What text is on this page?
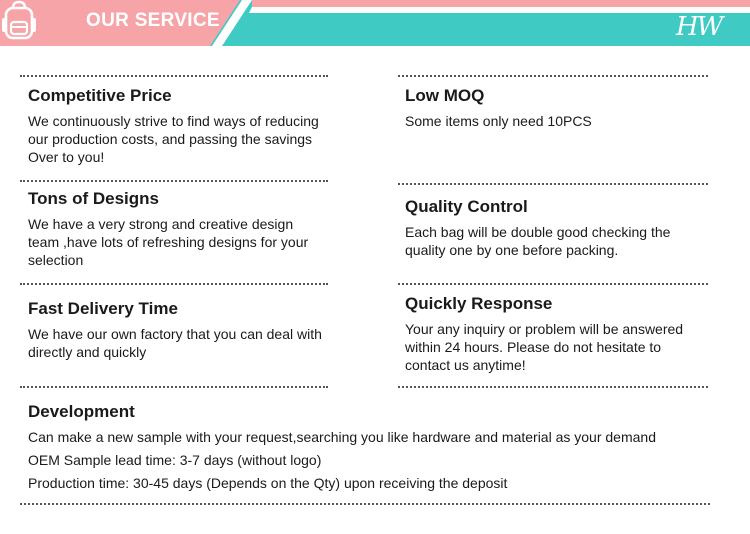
OUR SERVICE	HW
Competitive Price

We continuously strive to find ways of reducing our production costs, and passing the savings Over to you!

Tons of Designs

We have a very strong and creative design team ,have lots of refreshing designs for your selection

Fast Delivery Time

We have our own factory that you can deal with directly and quickly

Low MOQ

Some items only need 10PCS

Quality Control

Each bag will be double good checking the quality one by one before packing.

Quickly Response

Your any inquiry or problem will be answered within 24 hours. Please do not hesitate to contact us anytime!

Development

Can make a new sample with your request,searching you like hardware and material as your demand

OEM Sample lead time: 3-7 days (without logo)

Production time: 30-45 days (Depends on the Qty) upon receiving the deposit
